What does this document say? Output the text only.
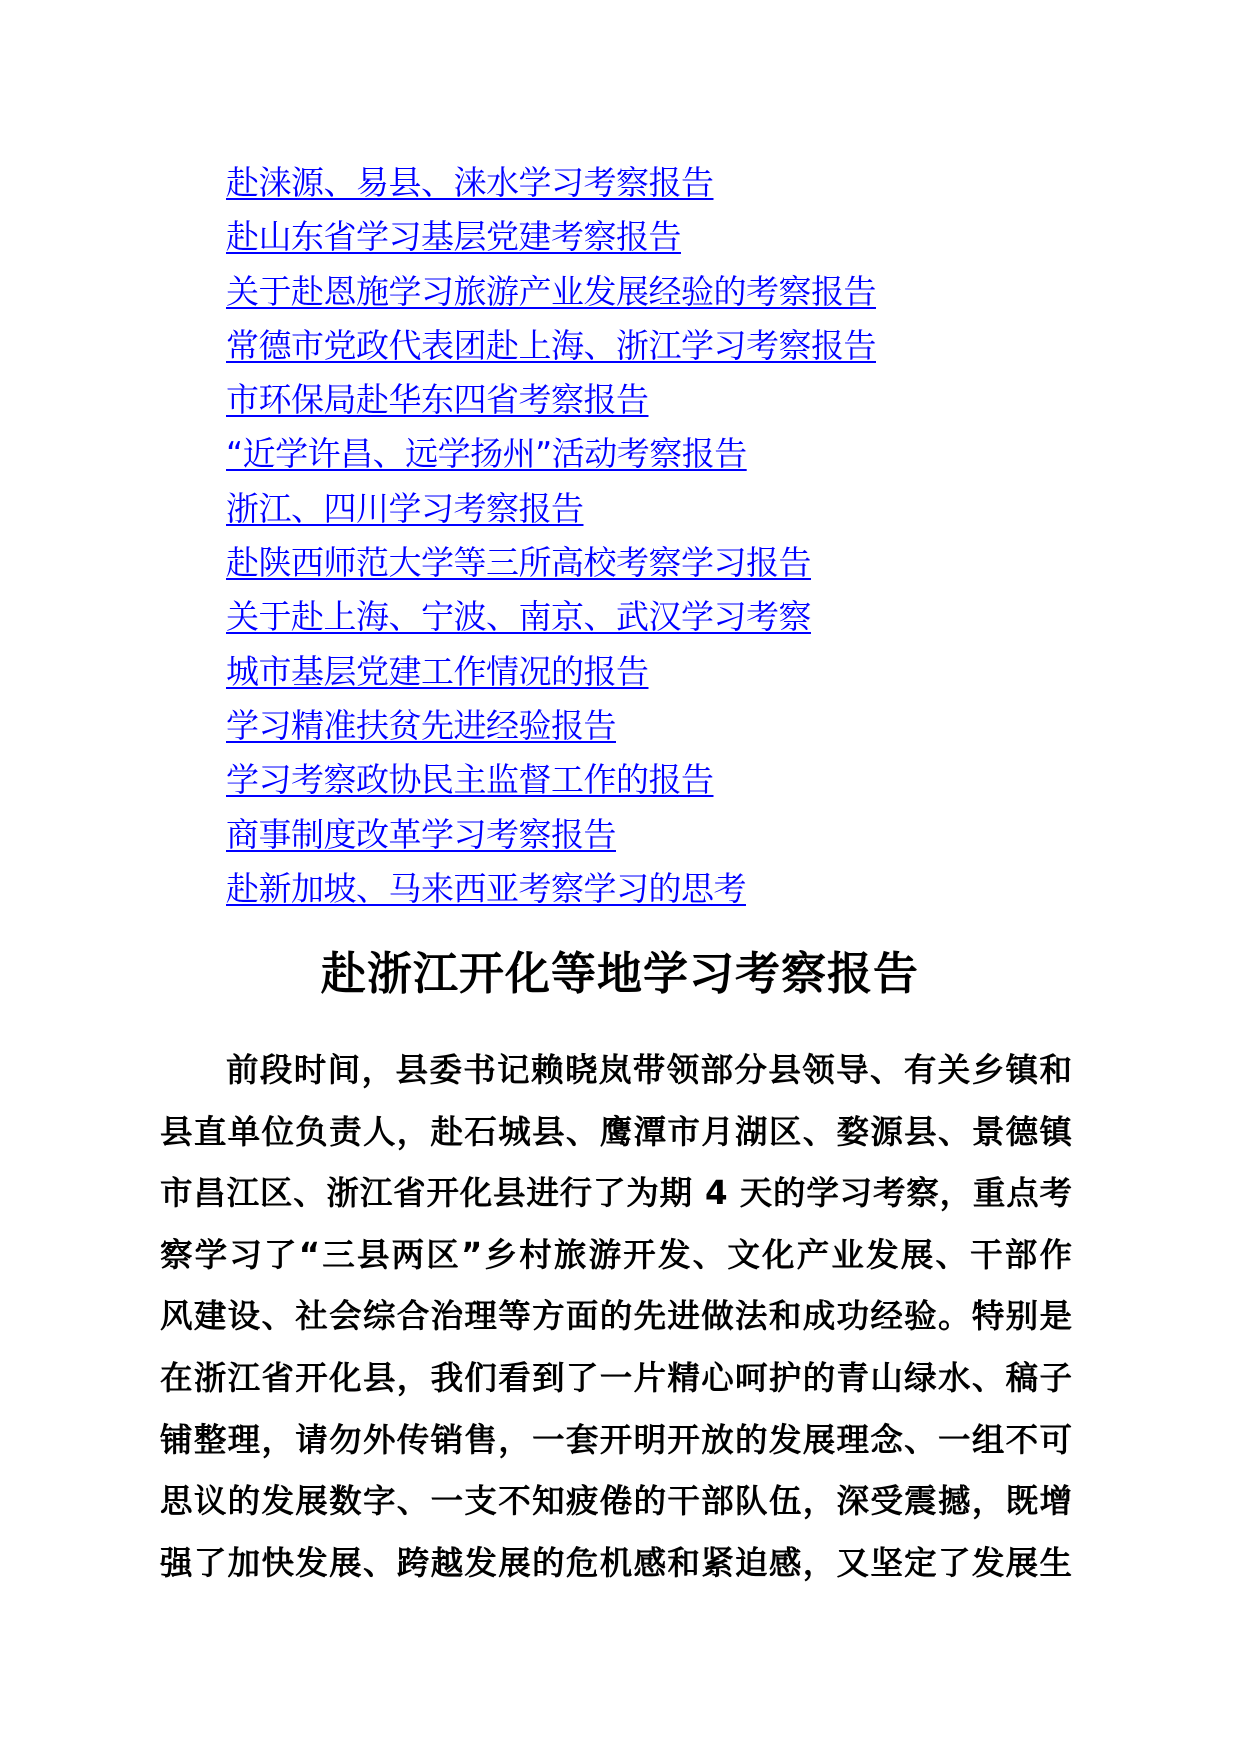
赴涞源、易县、涞水学习考察报告
赴山东省学习基层党建考察报告
关于赴恩施学习旅游产业发展经验的考察报告
常德市党政代表团赴上海、浙江学习考察报告
市环保局赴华东四省考察报告
“近学许昌、远学扬州”活动考察报告
浙江、四川学习考察报告
赴陕西师范大学等三所高校考察学习报告
关于赴上海、宁波、南京、武汉学习考察
城市基层党建工作情况的报告
学习精准扶贫先进经验报告
学习考察政协民主监督工作的报告
商事制度改革学习考察报告
赴新加坡、马来西亚考察学习的思考
赴浙江开化等地学习考察报告
前段时间，县委书记赖晓岚带领部分县领导、有关乡镇和
县直单位负责人，赴石城县、鹰潭市月湖区、婺源县、景德镇
市昌江区、浙江省开化县进行了为期 4 天的学习考察，重点考
察学习了“三县两区”乡村旅游开发、文化产业发展、干部作
风建设、社会综合治理等方面的先进做法和成功经验。特别是
在浙江省开化县，我们看到了一片精心呵护的青山绿水、稿子
铺整理，请勿外传销售，一套开明开放的发展理念、一组不可
思议的发展数字、一支不知疲倦的干部队伍，深受震撼，既增
强了加快发展、跨越发展的危机感和紧迫感，又坚定了发展生
